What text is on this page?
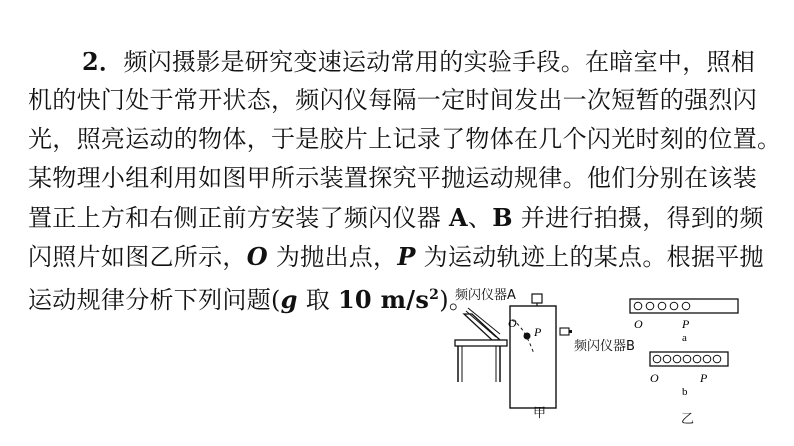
2．频闪摄影是研究变速运动常用的实验手段。在暗室中，照相
机的快门处于常开状态，频闪仪每隔一定时间发出一次短暂的强烈闪
光，照亮运动的物体，于是胶片上记录了物体在几个闪光时刻的位置。
某物理小组利用如图甲所示装置探究平抛运动规律。他们分别在该装
置正上方和右侧正前方安装了频闪仪器 A、B 并进行拍摄，得到的频
闪照片如图乙所示，O 为抛出点，P 为运动轨迹上的某点。根据平抛
运动规律分析下列问题(g 取 10 $m/s^2$)。
O
P
频闪仪器A
频闪仪器B
甲
O	P
a
O	P
b
乙
